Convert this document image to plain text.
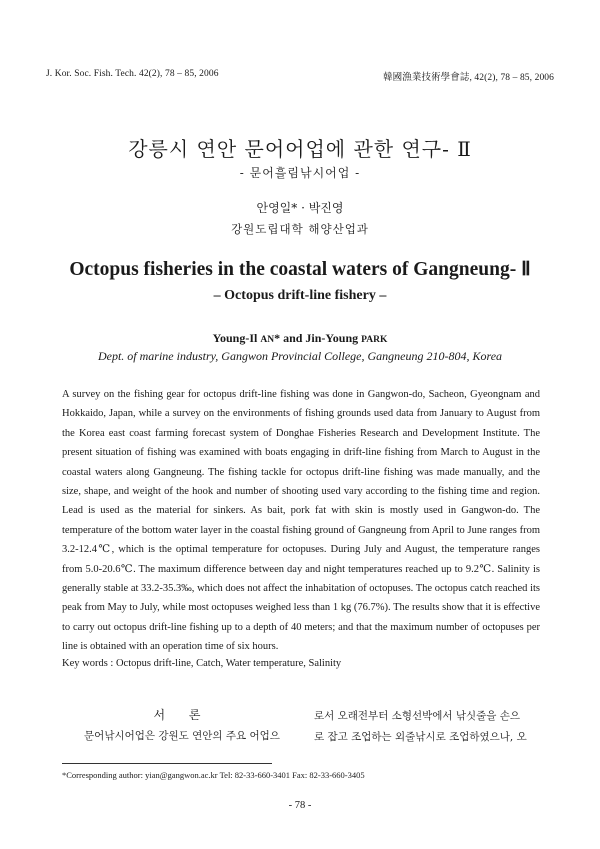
J. Kor. Soc. Fish. Tech. 42(2), 78 – 85, 2006	韓國漁業技術學會誌, 42(2), 78 – 85, 2006
강릉시 연안 문어어업에 관한 연구- Ⅱ
- 문어흘림낚시어업 -
안영일* · 박진영
강원도립대학 해양산업과
Octopus fisheries in the coastal waters of Gangneung- Ⅱ
– Octopus drift-line fishery –
Young-Il AN* and Jin-Young PARK
Dept. of marine industry, Gangwon Provincial College, Gangneung 210-804, Korea
A survey on the fishing gear for octopus drift-line fishing was done in Gangwon-do, Sacheon, Gyeongnam and Hokkaido, Japan, while a survey on the environments of fishing grounds used data from January to August from the Korea east coast farming forecast system of Donghae Fisheries Research and Development Institute. The present situation of fishing was examined with boats engaging in drift-line fishing from March to August in the coastal waters along Gangneung. The fishing tackle for octopus drift-line fishing was made manually, and the size, shape, and weight of the hook and number of shooting used vary according to the fishing time and region. Lead is used as the material for sinkers. As bait, pork fat with skin is mostly used in Gangwon-do. The temperature of the bottom water layer in the coastal fishing ground of Gangneung from April to June ranges from 3.2-12.4℃, which is the optimal temperature for octopuses. During July and August, the temperature ranges from 5.0-20.6℃. The maximum difference between day and night temperatures reached up to 9.2℃. Salinity is generally stable at 33.2-35.3‰, which does not affect the inhabitation of octopuses. The octopus catch reached its peak from May to July, while most octopuses weighed less than 1 kg (76.7%). The results show that it is effective to carry out octopus drift-line fishing up to a depth of 40 meters; and that the maximum number of octopuses per line is obtained with an operation time of six hours.
Key words : Octopus drift-line, Catch, Water temperature, Salinity
서 론
문어낚시어업은 강원도 연안의 주요 어업으
로서 오래전부터 소형선박에서 낚싯줄을 손으
로 잡고 조업하는 외줄낚시로 조업하였으나, 오
*Corresponding author: yian@gangwon.ac.kr Tel: 82-33-660-3401 Fax: 82-33-660-3405
- 78 -
